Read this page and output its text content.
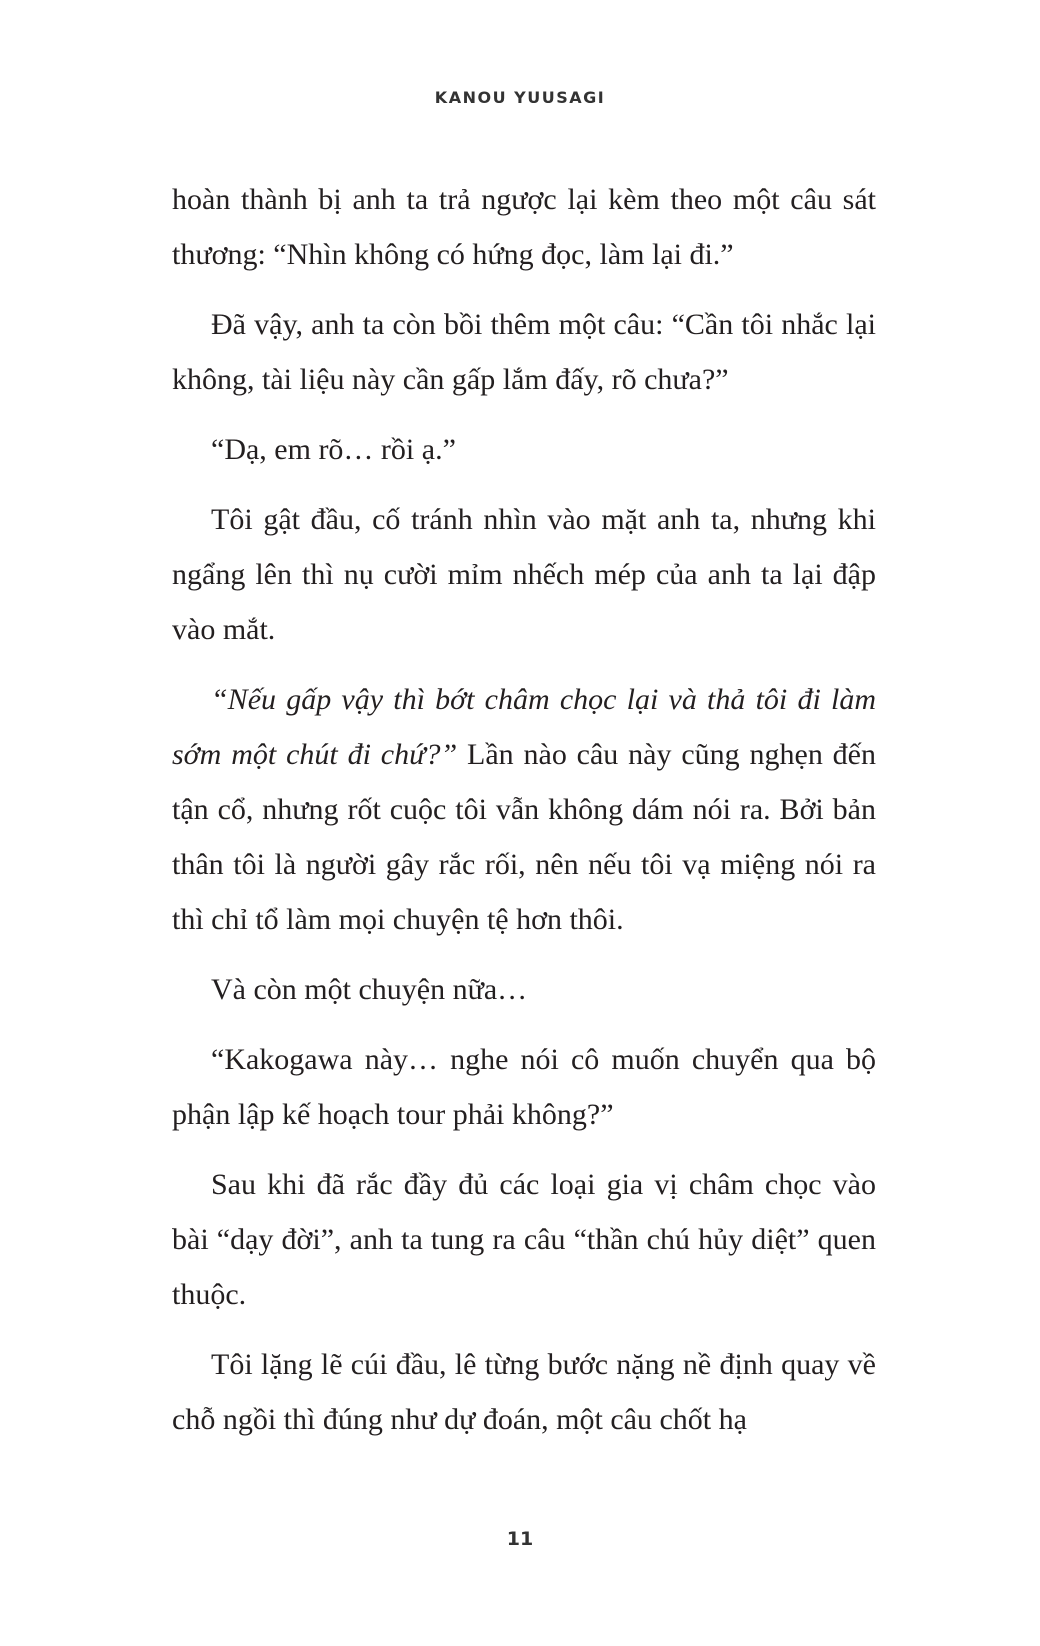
KANOU YUUSAGI

hoàn thành bị anh ta trả ngược lại kèm theo một câu sát thương: “Nhìn không có hứng đọc, làm lại đi.”

Đã vậy, anh ta còn bồi thêm một câu: “Cần tôi nhắc lại không, tài liệu này cần gấp lắm đấy, rõ chưa?”

“Dạ, em rõ… rồi ạ.”

Tôi gật đầu, cố tránh nhìn vào mặt anh ta, nhưng khi ngẩng lên thì nụ cười mỉm nhếch mép của anh ta lại đập vào mắt.

“Nếu gấp vậy thì bớt châm chọc lại và thả tôi đi làm sớm một chút đi chứ?” Lần nào câu này cũng nghẹn đến tận cổ, nhưng rốt cuộc tôi vẫn không dám nói ra. Bởi bản thân tôi là người gây rắc rối, nên nếu tôi vạ miệng nói ra thì chỉ tổ làm mọi chuyện tệ hơn thôi.

Và còn một chuyện nữa…

“Kakogawa này… nghe nói cô muốn chuyển qua bộ phận lập kế hoạch tour phải không?”

Sau khi đã rắc đầy đủ các loại gia vị châm chọc vào bài “dạy đời”, anh ta tung ra câu “thần chú hủy diệt” quen thuộc.

Tôi lặng lẽ cúi đầu, lê từng bước nặng nề định quay về chỗ ngồi thì đúng như dự đoán, một câu chốt hạ

11
